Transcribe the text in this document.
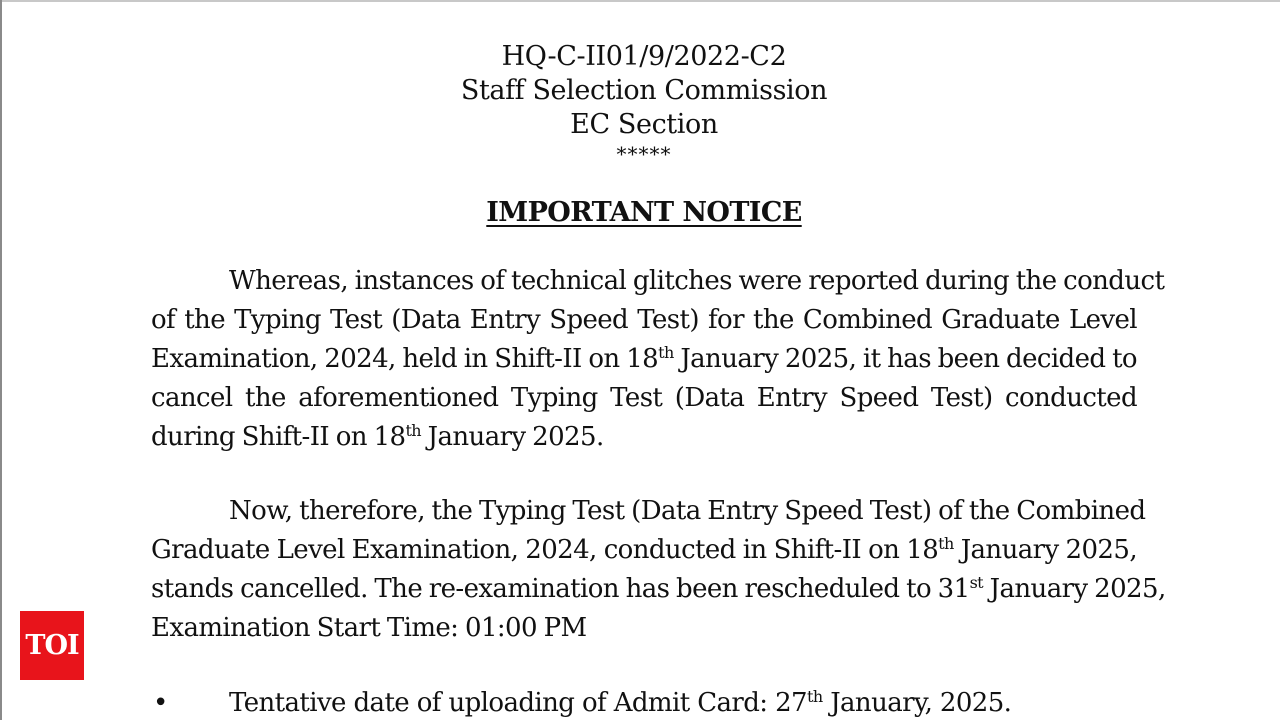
HQ-C-II01/9/2022-C2
Staff Selection Commission
EC Section
*****
IMPORTANT NOTICE
Whereas, instances of technical glitches were reported during the conduct
of the Typing Test (Data Entry Speed Test) for the Combined Graduate Level
Examination, 2024, held in Shift-II on 18th January 2025, it has been decided to
cancel the aforementioned Typing Test (Data Entry Speed Test) conducted
during Shift-II on 18th January 2025.
Now, therefore, the Typing Test (Data Entry Speed Test) of the Combined
Graduate Level Examination, 2024, conducted in Shift-II on 18th January 2025,
stands cancelled. The re-examination has been rescheduled to 31st January 2025,
Examination Start Time: 01:00 PM
• Tentative date of uploading of Admit Card: 27th January, 2025.
TOI
